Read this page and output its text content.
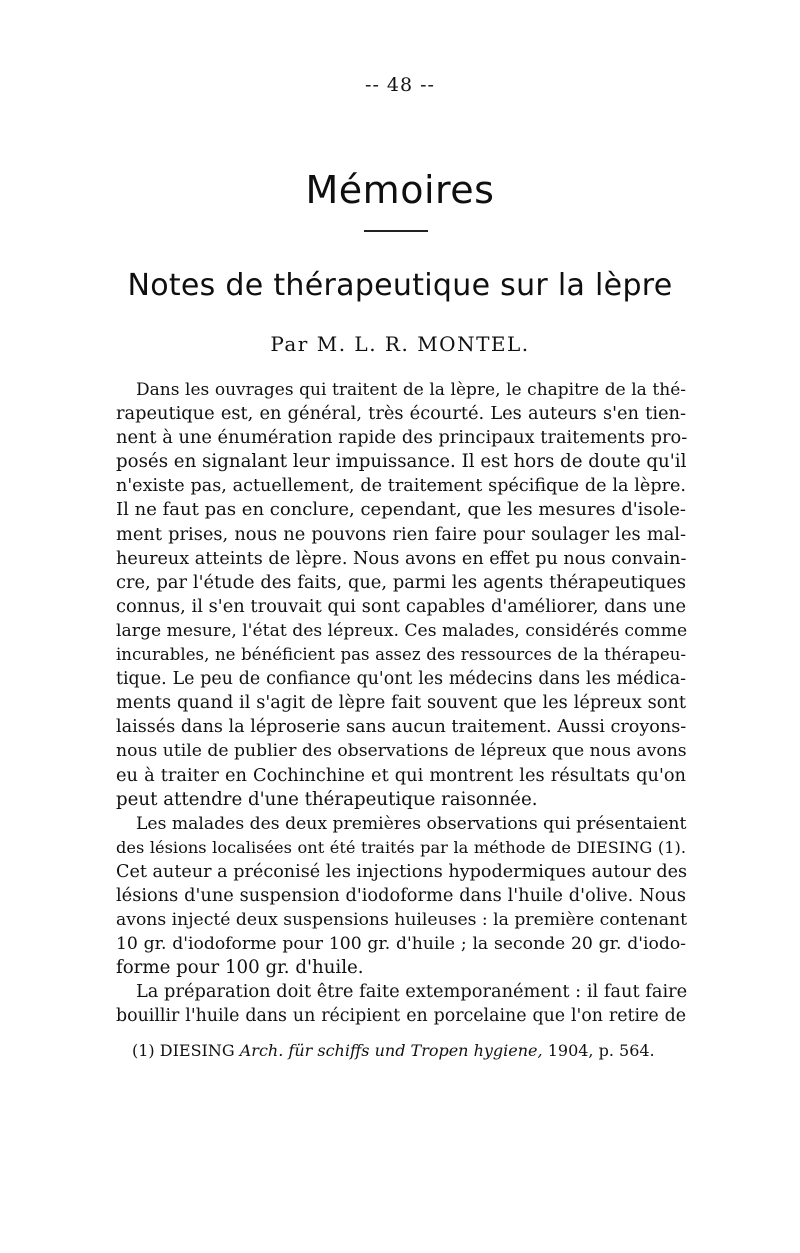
-- 48 --
Mémoires
Notes de thérapeutique sur la lèpre
Par M. L. R. MONTEL.
Dans les ouvrages qui traitent de la lèpre, le chapitre de la thé-
rapeutique est, en général, très écourté. Les auteurs s'en tien-
nent à une énumération rapide des principaux traitements pro-
posés en signalant leur impuissance. Il est hors de doute qu'il
n'existe pas, actuellement, de traitement spécifique de la lèpre.
Il ne faut pas en conclure, cependant, que les mesures d'isole-
ment prises, nous ne pouvons rien faire pour soulager les mal-
heureux atteints de lèpre. Nous avons en effet pu nous convain-
cre, par l'étude des faits, que, parmi les agents thérapeutiques
connus, il s'en trouvait qui sont capables d'améliorer, dans une
large mesure, l'état des lépreux. Ces malades, considérés comme
incurables, ne bénéficient pas assez des ressources de la thérapeu-
tique. Le peu de confiance qu'ont les médecins dans les médica-
ments quand il s'agit de lèpre fait souvent que les lépreux sont
laissés dans la léproserie sans aucun traitement. Aussi croyons-
nous utile de publier des observations de lépreux que nous avons
eu à traiter en Cochinchine et qui montrent les résultats qu'on
peut attendre d'une thérapeutique raisonnée.
Les malades des deux premières observations qui présentaient
des lésions localisées ont été traités par la méthode de DIESING (1).
Cet auteur a préconisé les injections hypodermiques autour des
lésions d'une suspension d'iodoforme dans l'huile d'olive. Nous
avons injecté deux suspensions huileuses : la première contenant
10 gr. d'iodoforme pour 100 gr. d'huile ; la seconde 20 gr. d'iodo-
forme pour 100 gr. d'huile.
La préparation doit être faite extemporanément : il faut faire
bouillir l'huile dans un récipient en porcelaine que l'on retire de
(1) DIESING Arch. für schiffs und Tropen hygiene, 1904, p. 564.
